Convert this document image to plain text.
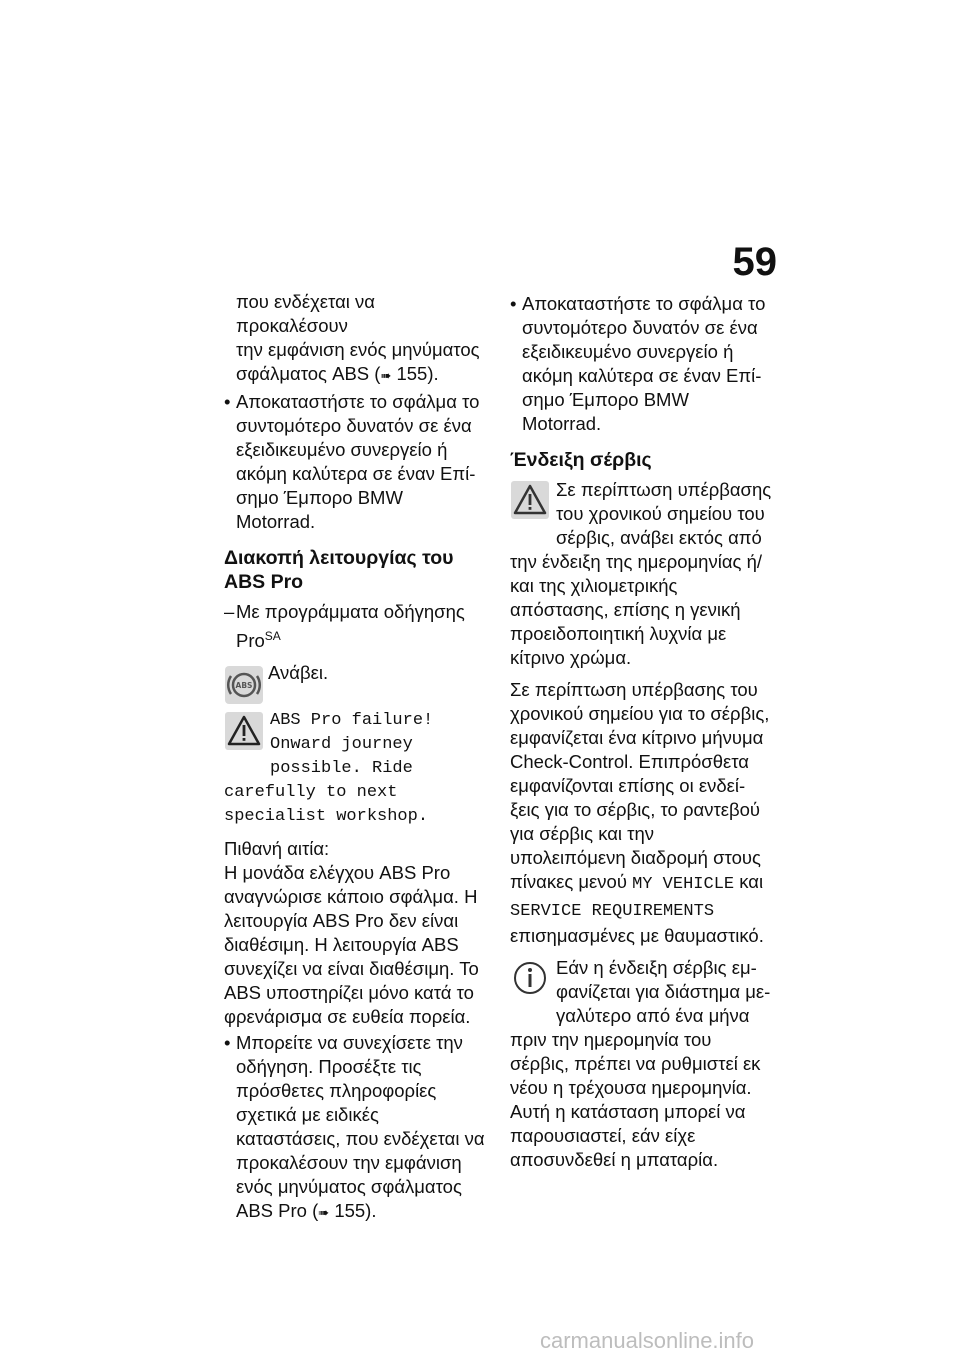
59

που ενδέχεται να προκαλέσουν

την εμφάνιση ενός μηνύματος

σφάλματος ABS (➠ 155).

• Αποκαταστήστε το σφάλμα το συντομότερο δυνατόν σε ένα εξειδικευμένο συνεργείο ή ακόμη καλύτερα σε έναν Επί-σημο Έμπορο BMW Motorrad.

Διακοπή λειτουργίας του ABS Pro

– Με προγράμματα οδήγησης Pro$^{SA}$

ABS
Ανάβει.

ABS Pro failure! Onward journey possible. Ride carefully to next specialist workshop.

Πιθανή αιτία:

Η μονάδα ελέγχου ABS Pro αναγνώρισε κάποιο σφάλμα. Η λειτουργία ABS Pro δεν είναι διαθέσιμη. Η λειτουργία ABS συνεχίζει να είναι διαθέσιμη. Το ABS υποστηρίζει μόνο κατά το φρενάρισμα σε ευθεία πορεία.

• Μπορείτε να συνεχίσετε την οδήγηση. Προσέξτε τις πρόσθετες πληροφορίες σχετικά με ειδικές καταστάσεις, που ενδέχεται να προκαλέσουν την εμφάνιση ενός μηνύματος σφάλματος ABS Pro (➠ 155).

• Αποκαταστήστε το σφάλμα το συντομότερο δυνατόν σε ένα εξειδικευμένο συνεργείο ή ακόμη καλύτερα σε έναν Επί-σημο Έμπορο BMW Motorrad.

Ένδειξη σέρβις

Σε περίπτωση υπέρβασης του χρονικού σημείου του σέρβις, ανάβει εκτός από την ένδειξη της ημερομηνίας ή/και της χιλιομετρικής απόστασης, επίσης η γενική προειδοποιητική λυχνία με κίτρινο χρώμα.

Σε περίπτωση υπέρβασης του χρονικού σημείου για το σέρβις, εμφανίζεται ένα κίτρινο μήνυμα Check-Control. Επιπρόσθετα εμφανίζονται επίσης οι ενδεί-ξεις για το σέρβις, το ραντεβού για σέρβις και την υπολειπόμενη διαδρομή στους πίνακες μενού MY VEHICLE και SERVICE REQUIREMENTS επισημασμένες με θαυμαστικό.

Εάν η ένδειξη σέρβις εμ-φανίζεται για διάστημα με-γαλύτερο από ένα μήνα πριν την ημερομηνία του σέρβις, πρέπει να ρυθμιστεί εκ νέου η τρέχουσα ημερομηνία. Αυτή η κατάσταση μπορεί να παρουσιαστεί, εάν είχε αποσυνδεθεί η μπαταρία.

carmanualsonline.info
